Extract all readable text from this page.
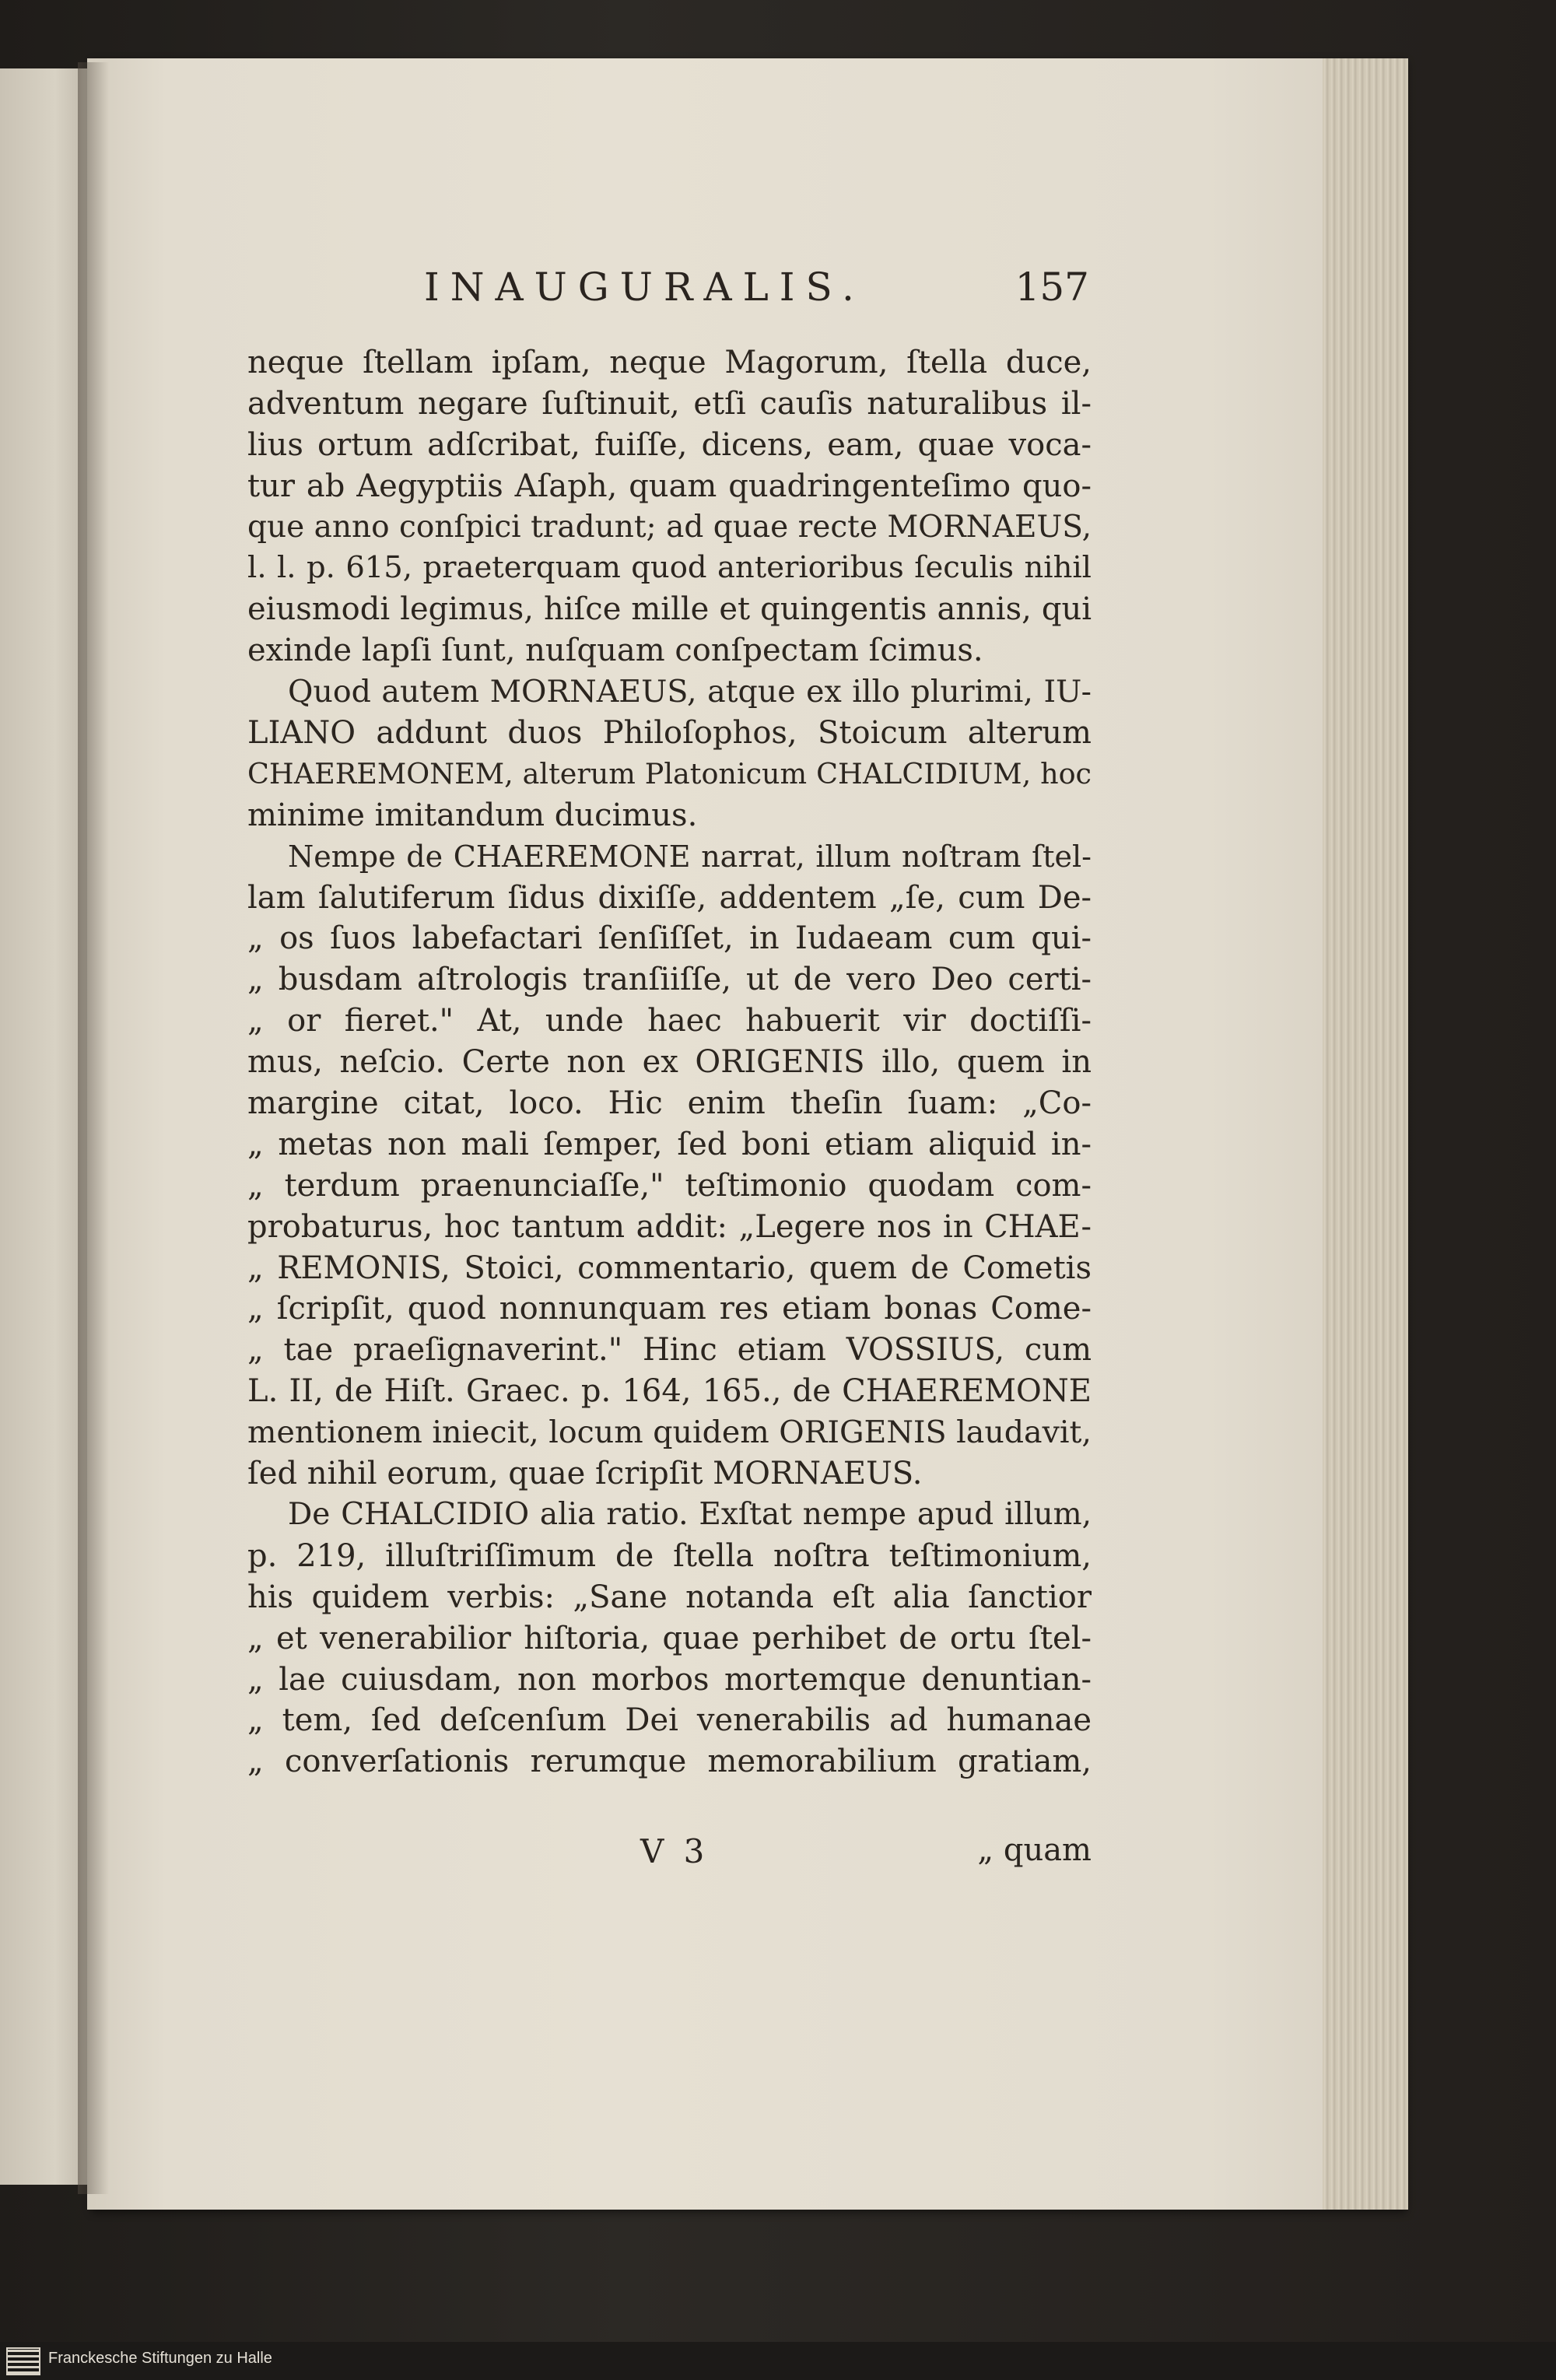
INAUGURALIS.	157
neque ſtellam ipſam, neque Magorum, ſtella duce,
adventum negare ſuſtinuit, etſi cauſis naturalibus il-
lius ortum adſcribat, fuiſſe, dicens, eam, quae voca-
tur ab Aegyptiis Aſaph, quam quadringenteſimo quo-
que anno conſpici tradunt; ad quae recte MORNAEUS,
l. l. p. 615, praeterquam quod anterioribus ſeculis nihil
eiusmodi legimus, hiſce mille et quingentis annis, qui
exinde lapſi ſunt, nuſquam conſpectam ſcimus.
Quod autem MORNAEUS, atque ex illo plurimi, IU-
LIANO addunt duos Philoſophos, Stoicum alterum
CHAEREMONEM, alterum Platonicum CHALCIDIUM, hoc
minime imitandum ducimus.
Nempe de CHAEREMONE narrat, illum noſtram ſtel-
lam ſalutiferum ſidus dixiſſe, addentem „ſe, cum De-
„ os ſuos labefactari ſenſiſſet, in Iudaeam cum qui-
„ busdam aſtrologis tranſiiſſe, ut de vero Deo certi-
„ or fieret." At, unde haec habuerit vir doctiſſi-
mus, neſcio. Certe non ex ORIGENIS illo, quem in
margine citat, loco. Hic enim theſin ſuam: „Co-
„ metas non mali ſemper, ſed boni etiam aliquid in-
„ terdum praenunciaſſe," teſtimonio quodam com-
probaturus, hoc tantum addit: „Legere nos in CHAE-
„ REMONIS, Stoici, commentario, quem de Cometis
„ ſcripſit, quod nonnunquam res etiam bonas Come-
„ tae praeſignaverint." Hinc etiam VOSSIUS, cum
L. II, de Hiſt. Graec. p. 164, 165., de CHAEREMONE
mentionem iniecit, locum quidem ORIGENIS laudavit,
ſed nihil eorum, quae ſcripſit MORNAEUS.
De CHALCIDIO alia ratio. Exſtat nempe apud illum,
p. 219, illuſtriſſimum de ſtella noſtra teſtimonium,
his quidem verbis: „Sane notanda eſt alia ſanctior
„ et venerabilior hiſtoria, quae perhibet de ortu ſtel-
„ lae cuiusdam, non morbos mortemque denuntian-
„ tem, ſed deſcenſum Dei venerabilis ad humanae
„ converſationis rerumque memorabilium gratiam,
V 3	„ quam
Franckesche Stiftungen zu Halle
